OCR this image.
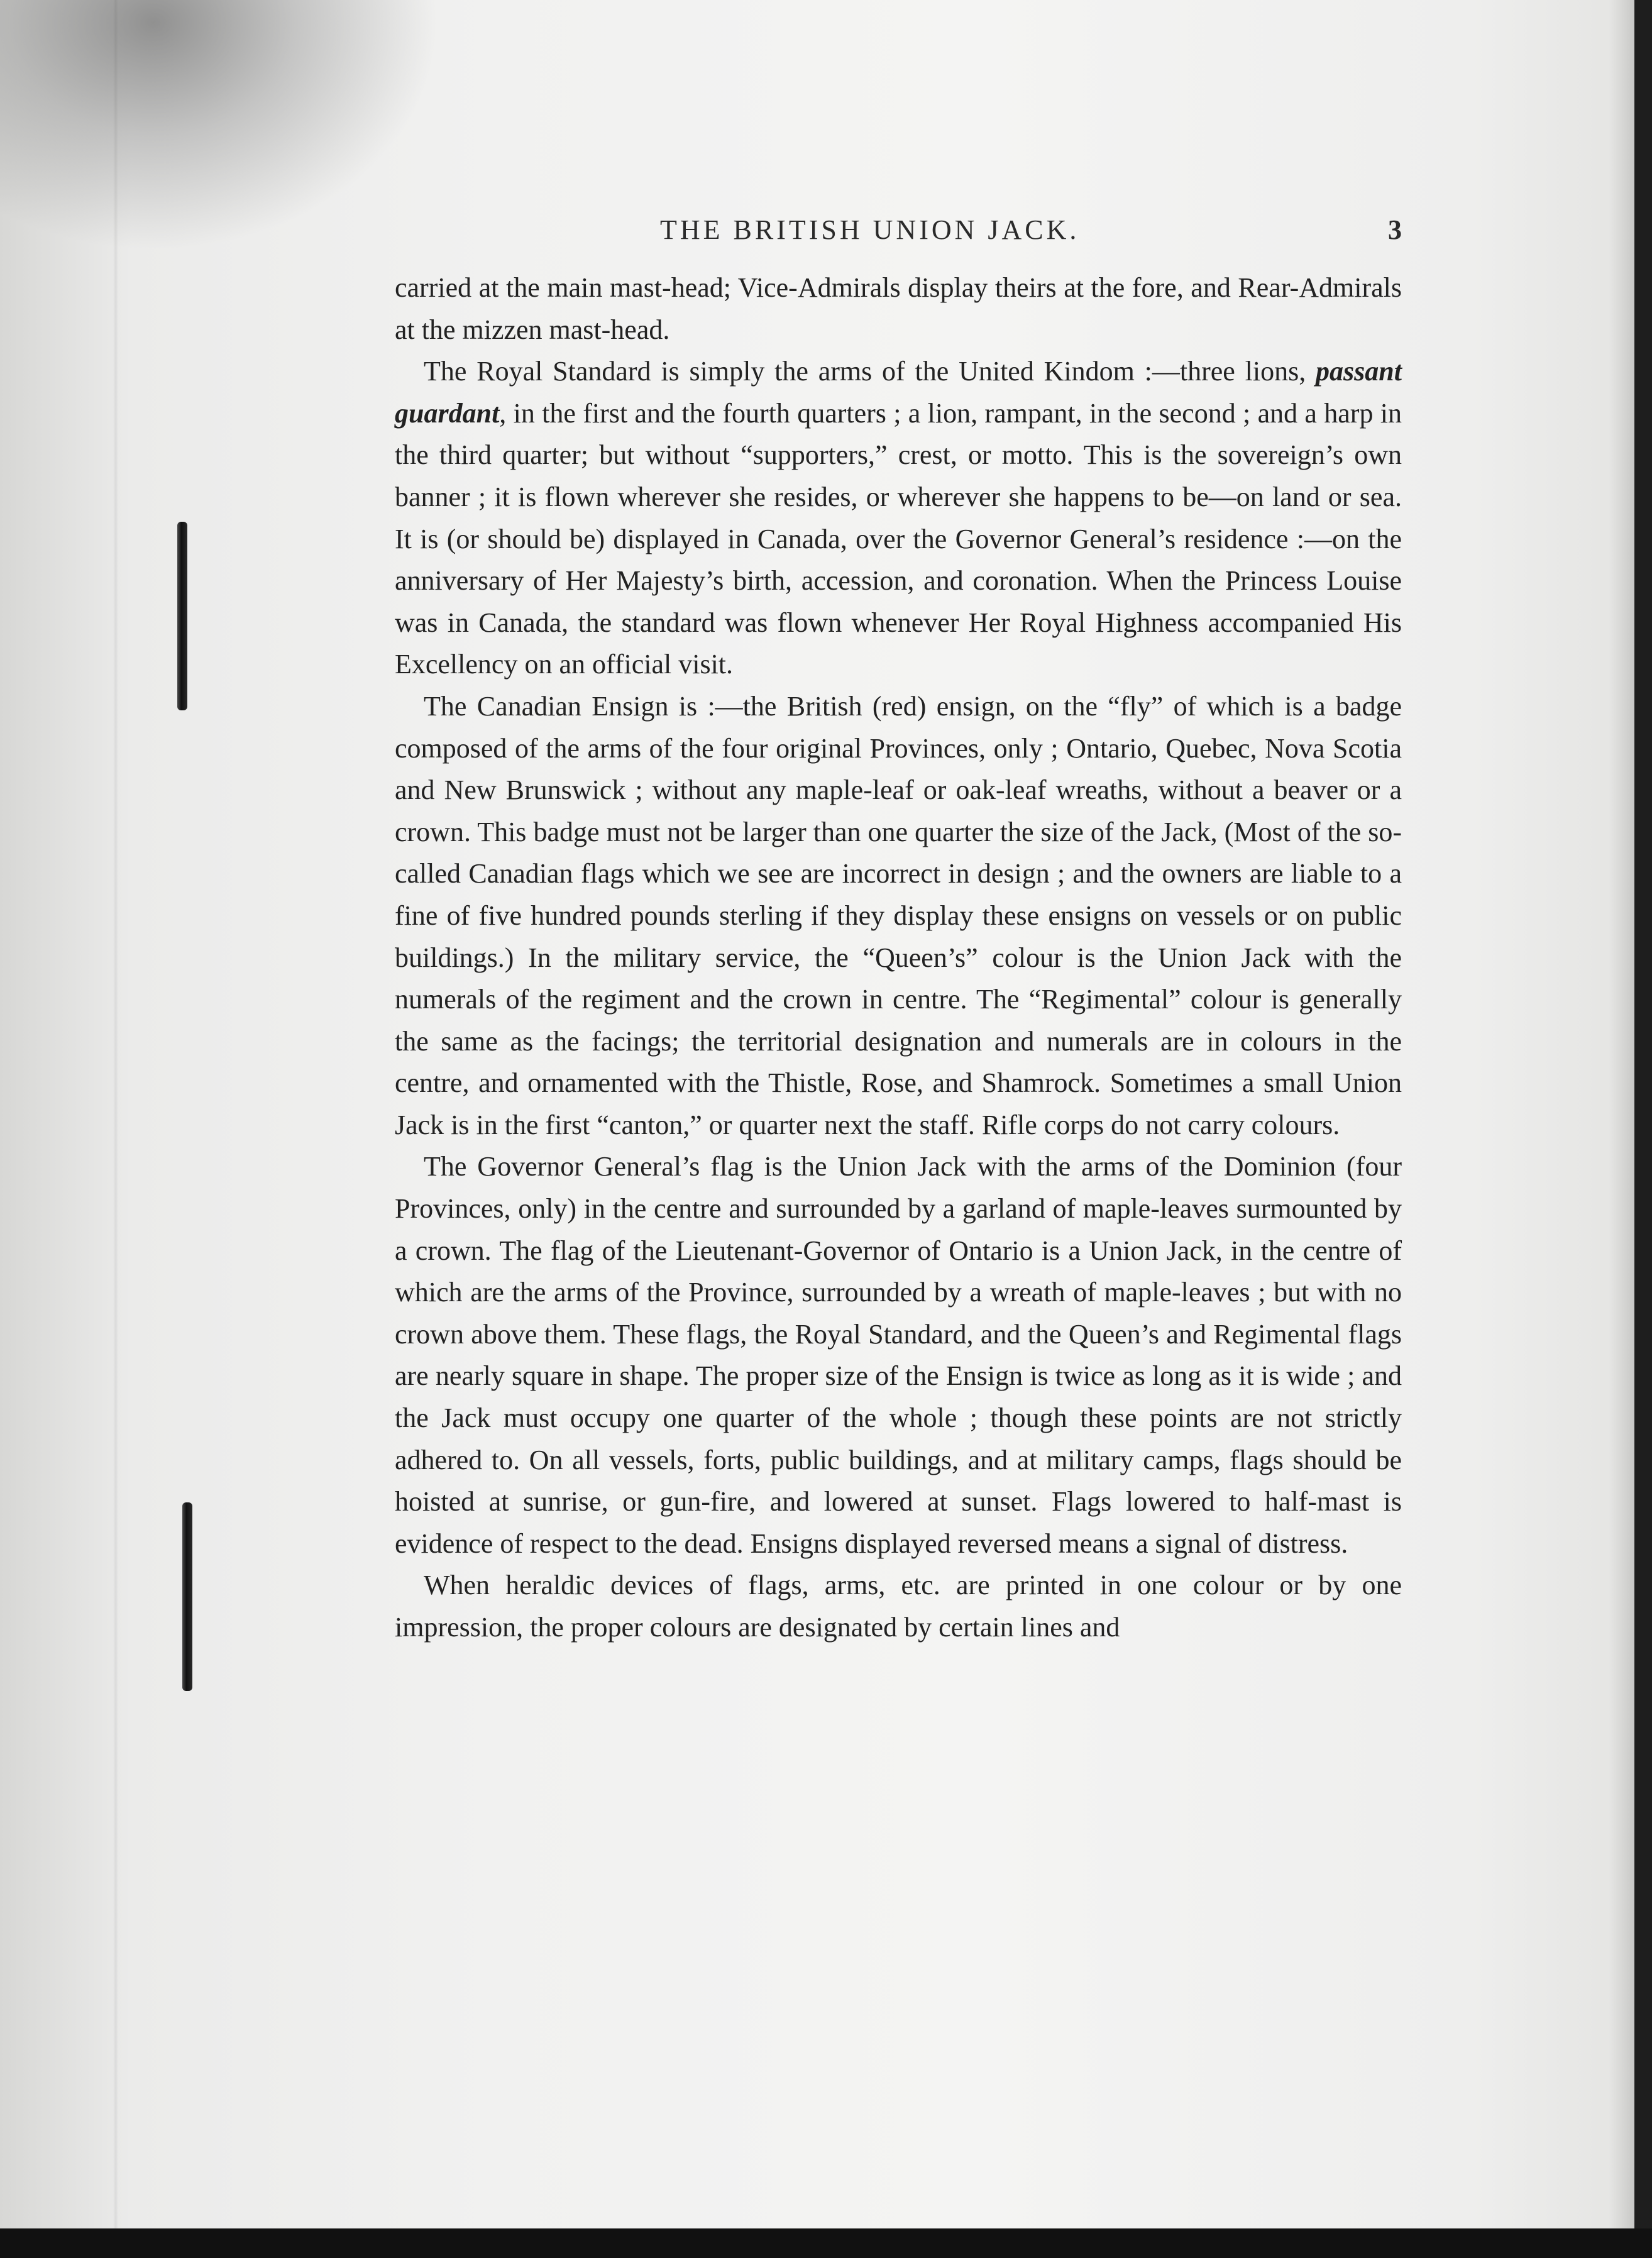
THE BRITISH UNION JACK.	3

carried at the main mast-head; Vice-Admirals display theirs at the fore, and Rear-Admirals at the mizzen mast-head.

The Royal Standard is simply the arms of the United Kindom :—three lions, passant guardant, in the first and the fourth quarters ; a lion, rampant, in the second ; and a harp in the third quarter; but without “supporters,” crest, or motto. This is the sovereign’s own banner ; it is flown wherever she resides, or wherever she happens to be—on land or sea. It is (or should be) displayed in Canada, over the Governor General’s residence :—on the anniversary of Her Majesty’s birth, accession, and coronation. When the Princess Louise was in Canada, the standard was flown whenever Her Royal Highness accompanied His Excellency on an official visit.

The Canadian Ensign is :—the British (red) ensign, on the “fly” of which is a badge composed of the arms of the four original Provinces, only ; Ontario, Quebec, Nova Scotia and New Brunswick ; without any maple-leaf or oak-leaf wreaths, without a beaver or a crown. This badge must not be larger than one quarter the size of the Jack, (Most of the so-called Canadian flags which we see are incorrect in design ; and the owners are liable to a fine of five hundred pounds sterling if they display these ensigns on vessels or on public buildings.) In the military service, the “Queen’s” colour is the Union Jack with the numerals of the regiment and the crown in centre. The “Regimental” colour is generally the same as the facings; the territorial designation and numerals are in colours in the centre, and ornamented with the Thistle, Rose, and Shamrock. Sometimes a small Union Jack is in the first “canton,” or quarter next the staff. Rifle corps do not carry colours.

The Governor General’s flag is the Union Jack with the arms of the Dominion (four Provinces, only) in the centre and surrounded by a garland of maple-leaves surmounted by a crown. The flag of the Lieutenant-Governor of Ontario is a Union Jack, in the centre of which are the arms of the Province, surrounded by a wreath of maple-leaves ; but with no crown above them. These flags, the Royal Standard, and the Queen’s and Regimental flags are nearly square in shape. The proper size of the Ensign is twice as long as it is wide ; and the Jack must occupy one quarter of the whole ; though these points are not strictly adhered to. On all vessels, forts, public buildings, and at military camps, flags should be hoisted at sunrise, or gun-fire, and lowered at sunset. Flags lowered to half-mast is evidence of respect to the dead. Ensigns displayed reversed means a signal of distress.

When heraldic devices of flags, arms, etc. are printed in one colour or by one impression, the proper colours are designated by certain lines and
